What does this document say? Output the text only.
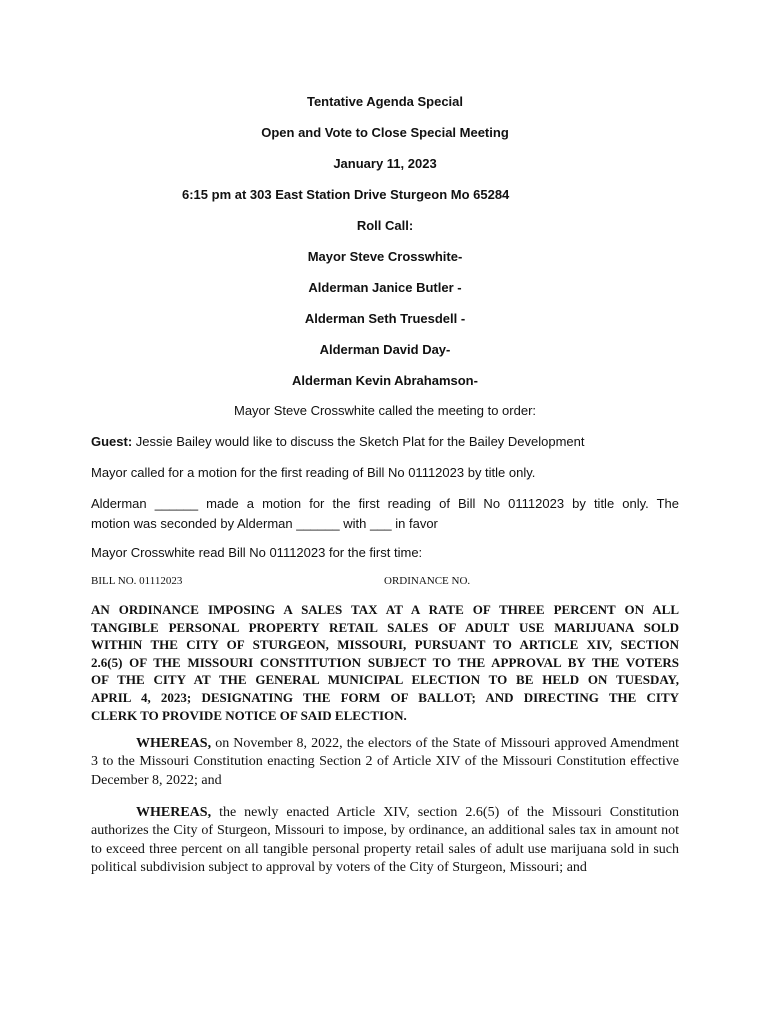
Tentative Agenda Special
Open and Vote to Close Special Meeting
January 11, 2023
6:15 pm at 303 East Station Drive Sturgeon Mo 65284
Roll Call:
Mayor Steve Crosswhite-
Alderman Janice Butler -
Alderman Seth Truesdell -
Alderman David Day-
Alderman Kevin Abrahamson-
Mayor Steve Crosswhite called the meeting to order:
Guest: Jessie Bailey would like to discuss the Sketch Plat for the Bailey Development
Mayor called for a motion for the first reading of Bill No 01112023 by title only.
Alderman ______ made a motion for the first reading of Bill No 01112023 by title only. The
motion was seconded by Alderman ______ with ___ in favor
Mayor Crosswhite read Bill No 01112023 for the first time:
BILL NO. 01112023	ORDINANCE NO.
AN ORDINANCE IMPOSING A SALES TAX AT A RATE OF THREE PERCENT ON ALL
TANGIBLE PERSONAL PROPERTY RETAIL SALES OF ADULT USE MARIJUANA SOLD
WITHIN THE CITY OF STURGEON, MISSOURI, PURSUANT TO ARTICLE XIV, SECTION
2.6(5) OF THE MISSOURI CONSTITUTION SUBJECT TO THE APPROVAL BY THE VOTERS
OF THE CITY AT THE GENERAL MUNICIPAL ELECTION TO BE HELD ON TUESDAY,
APRIL 4, 2023; DESIGNATING THE FORM OF BALLOT; AND DIRECTING THE CITY
CLERK TO PROVIDE NOTICE OF SAID ELECTION.
WHEREAS, on November 8, 2022, the electors of the State of Missouri approved Amendment 3 to the Missouri Constitution enacting Section 2 of Article XIV of the Missouri Constitution effective December 8, 2022; and
WHEREAS, the newly enacted Article XIV, section 2.6(5) of the Missouri Constitution authorizes the City of Sturgeon, Missouri to impose, by ordinance, an additional sales tax in amount not to exceed three percent on all tangible personal property retail sales of adult use marijuana sold in such political subdivision subject to approval by voters of the City of Sturgeon, Missouri; and
